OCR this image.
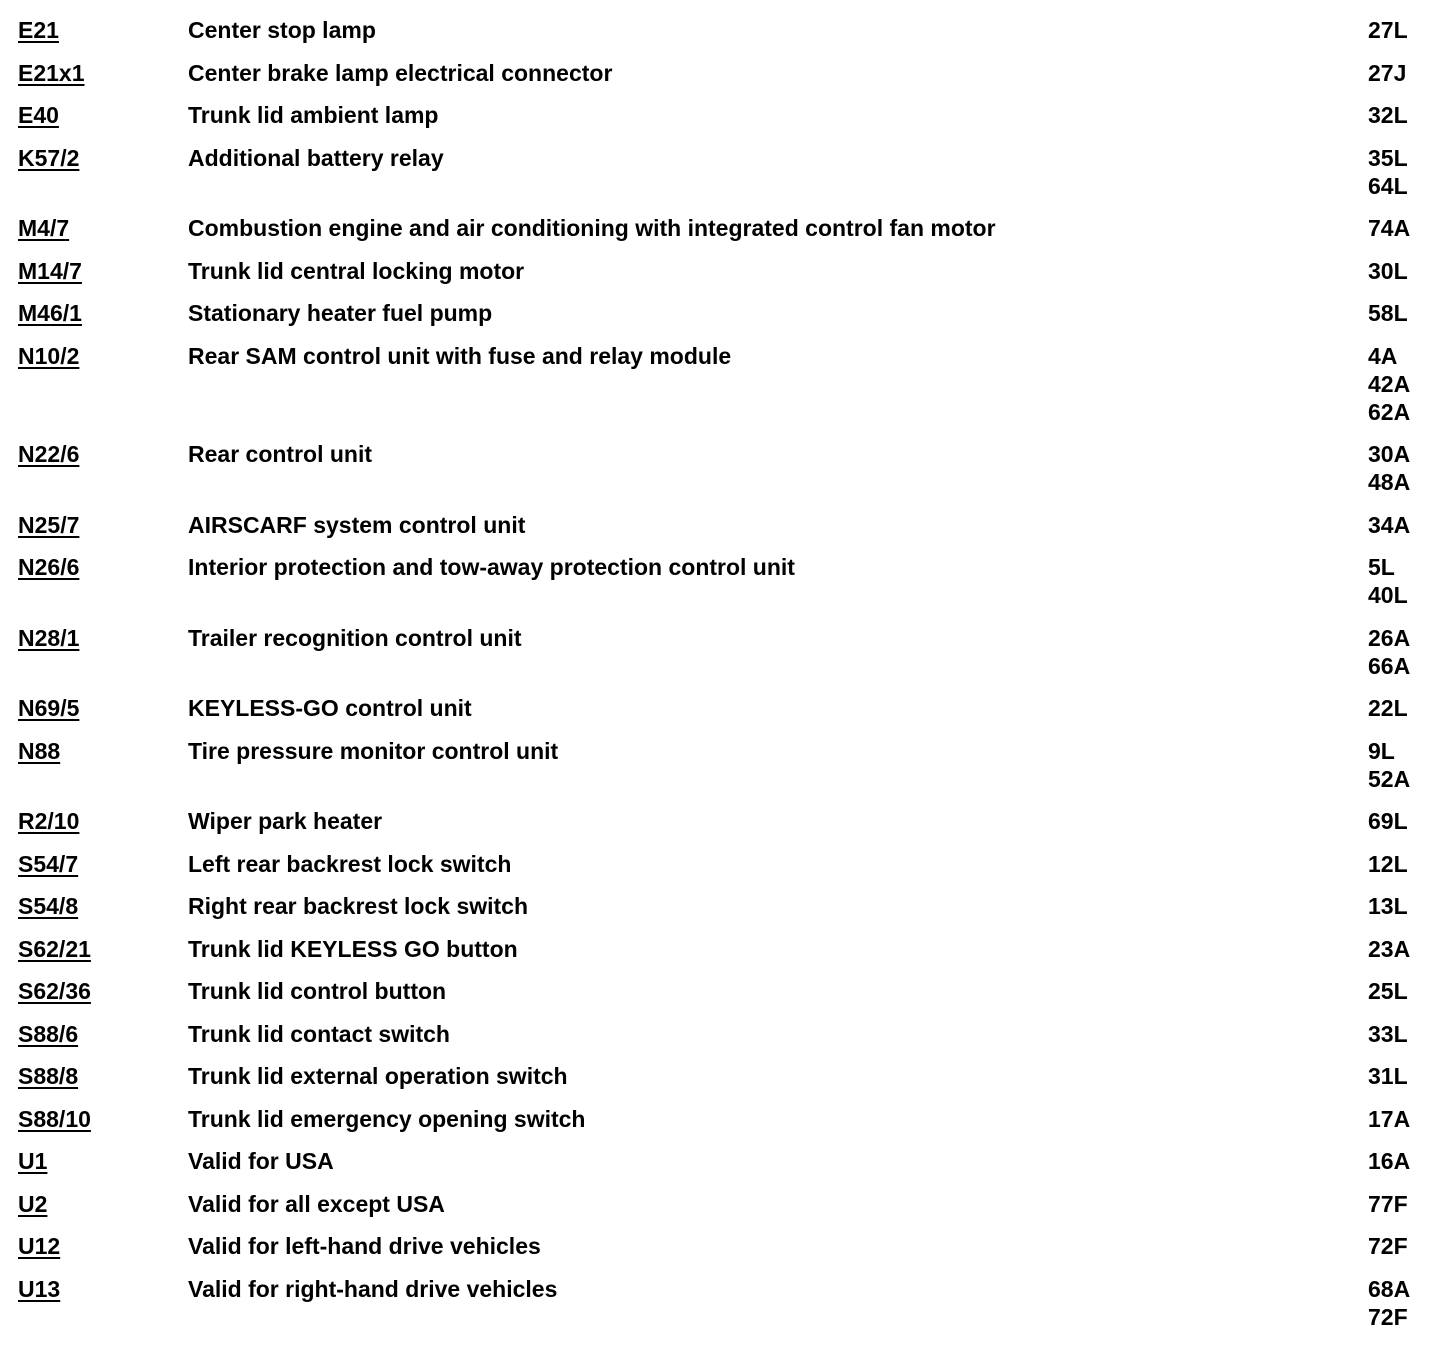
E21	Center stop lamp	27L
E21x1	Center brake lamp electrical connector	27J
E40	Trunk lid ambient lamp	32L
K57/2	Additional battery relay	35L
64L
M4/7	Combustion engine and air conditioning with integrated control fan motor	74A
M14/7	Trunk lid central locking motor	30L
M46/1	Stationary heater fuel pump	58L
N10/2	Rear SAM control unit with fuse and relay module	4A
42A
62A
N22/6	Rear control unit	30A
48A
N25/7	AIRSCARF system control unit	34A
N26/6	Interior protection and tow-away protection control unit	5L
40L
N28/1	Trailer recognition control unit	26A
66A
N69/5	KEYLESS-GO control unit	22L
N88	Tire pressure monitor control unit	9L
52A
R2/10	Wiper park heater	69L
S54/7	Left rear backrest lock switch	12L
S54/8	Right rear backrest lock switch	13L
S62/21	Trunk lid KEYLESS GO button	23A
S62/36	Trunk lid control button	25L
S88/6	Trunk lid contact switch	33L
S88/8	Trunk lid external operation switch	31L
S88/10	Trunk lid emergency opening switch	17A
U1	Valid for USA	16A
U2	Valid for all except USA	77F
U12	Valid for left-hand drive vehicles	72F
U13	Valid for right-hand drive vehicles	68A
72F
